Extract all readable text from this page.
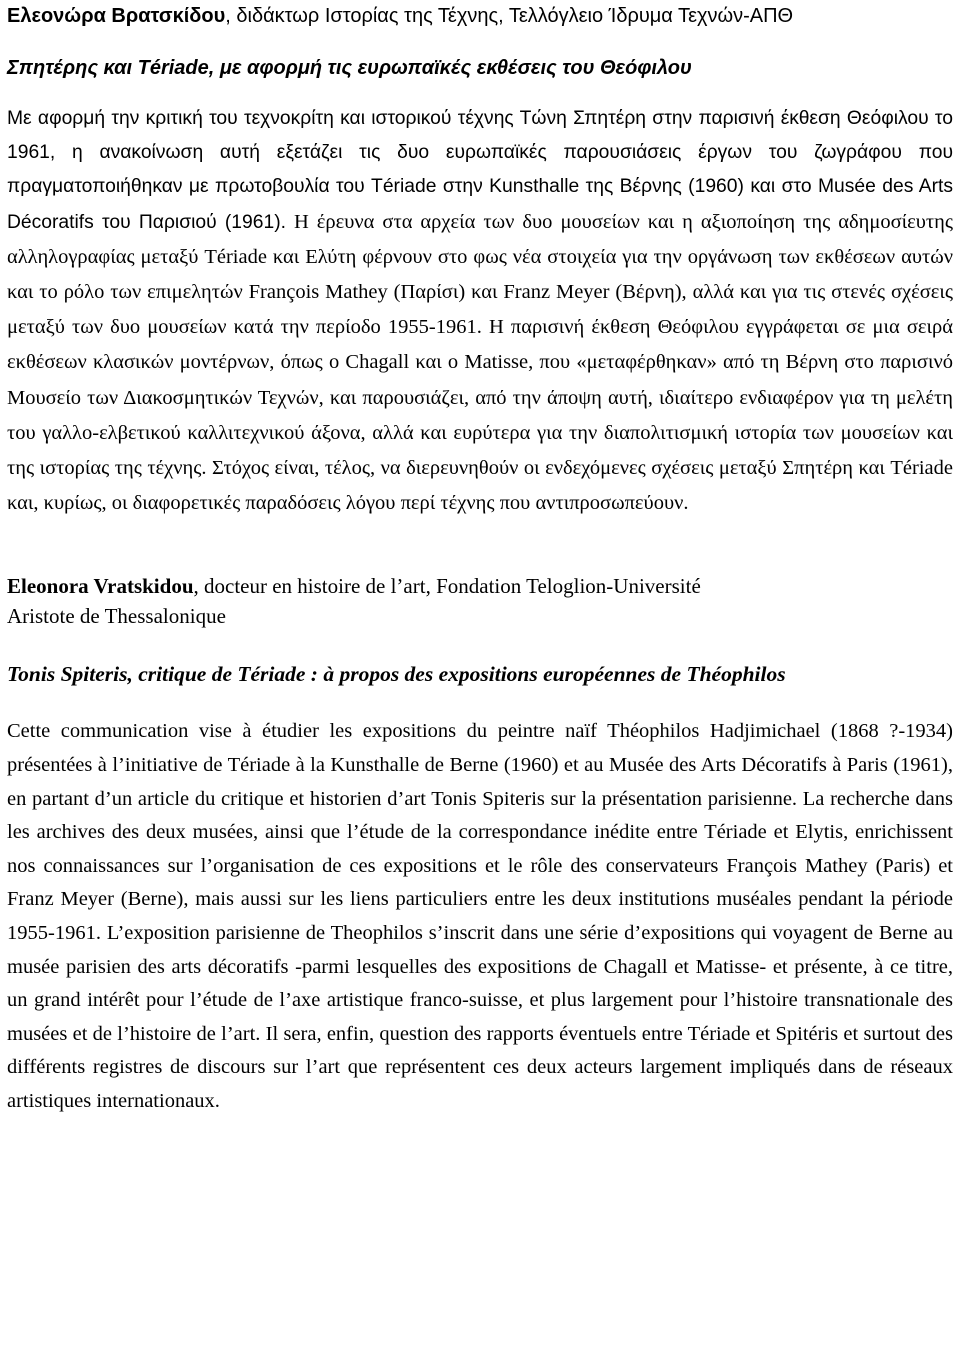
Ελεονώρα Βρατσκίδου, διδάκτωρ Ιστορίας της Τέχνης, Τελλόγλειο Ίδρυμα Τεχνών-ΑΠΘ

Σπητέρης και Tériade, με αφορμή τις ευρωπαϊκές εκθέσεις του Θεόφιλου

Με αφορμή την κριτική του τεχνοκρίτη και ιστορικού τέχνης Τώνη Σπητέρη στην παρισινή έκθεση Θεόφιλου το 1961, η ανακοίνωση αυτή εξετάζει τις δυο ευρωπαϊκές παρουσιάσεις έργων του ζωγράφου που πραγματοποιήθηκαν με πρωτοβουλία του Tériade στην Kunsthalle της Βέρνης (1960) και στο Musée des Arts Décoratifs του Παρισιού (1961). Η έρευνα στα αρχεία των δυο μουσείων και η αξιοποίηση της αδημοσίευτης αλληλογραφίας μεταξύ Tériade και Ελύτη φέρνουν στο φως νέα στοιχεία για την οργάνωση των εκθέσεων αυτών και το ρόλο των επιμελητών François Mathey (Παρίσι) και Franz Meyer (Βέρνη), αλλά και για τις στενές σχέσεις μεταξύ των δυο μουσείων κατά την περίοδο 1955-1961. Η παρισινή έκθεση Θεόφιλου εγγράφεται σε μια σειρά εκθέσεων κλασικών μοντέρνων, όπως ο Chagall και ο Matisse, που «μεταφέρθηκαν» από τη Βέρνη στο παρισινό Μουσείο των Διακοσμητικών Τεχνών, και παρουσιάζει, από την άποψη αυτή, ιδιαίτερο ενδιαφέρον για τη μελέτη του γαλλο-ελβετικού καλλιτεχνικού άξονα, αλλά και ευρύτερα για την διαπολιτισμική ιστορία των μουσείων και της ιστορίας της τέχνης. Στόχος είναι, τέλος, να διερευνηθούν οι ενδεχόμενες σχέσεις μεταξύ Σπητέρη και Tériade και, κυρίως, οι διαφορετικές παραδόσεις λόγου περί τέχνης που αντιπροσωπεύουν.

Eleonora Vratskidou, docteur en histoire de l’art, Fondation Teloglion-Université
Aristote de Thessalonique

Tonis Spiteris, critique de Tériade : à propos des expositions européennes de Théophilos

Cette communication vise à étudier les expositions du peintre naïf Théophilos Hadjimichael (1868 ?-1934) présentées à l’initiative de Tériade à la Kunsthalle de Berne (1960) et au Musée des Arts Décoratifs à Paris (1961), en partant d’un article du critique et historien d’art Tonis Spiteris sur la présentation parisienne. La recherche dans les archives des deux musées, ainsi que l’étude de la correspondance inédite entre Tériade et Elytis, enrichissent nos connaissances sur l’organisation de ces expositions et le rôle des conservateurs François Mathey (Paris) et Franz Meyer (Berne), mais aussi sur les liens particuliers entre les deux institutions muséales pendant la période 1955-1961. L’exposition parisienne de Theophilos s’inscrit dans une série d’expositions qui voyagent de Berne au musée parisien des arts décoratifs -parmi lesquelles des expositions de Chagall et Matisse- et présente, à ce titre, un grand intérêt pour l’étude de l’axe artistique franco-suisse, et plus largement pour l’histoire transnationale des musées et de l’histoire de l’art. Il sera, enfin, question des rapports éventuels entre Tériade et Spitéris et surtout des différents registres de discours sur l’art que représentent ces deux acteurs largement impliqués dans de réseaux artistiques internationaux.
